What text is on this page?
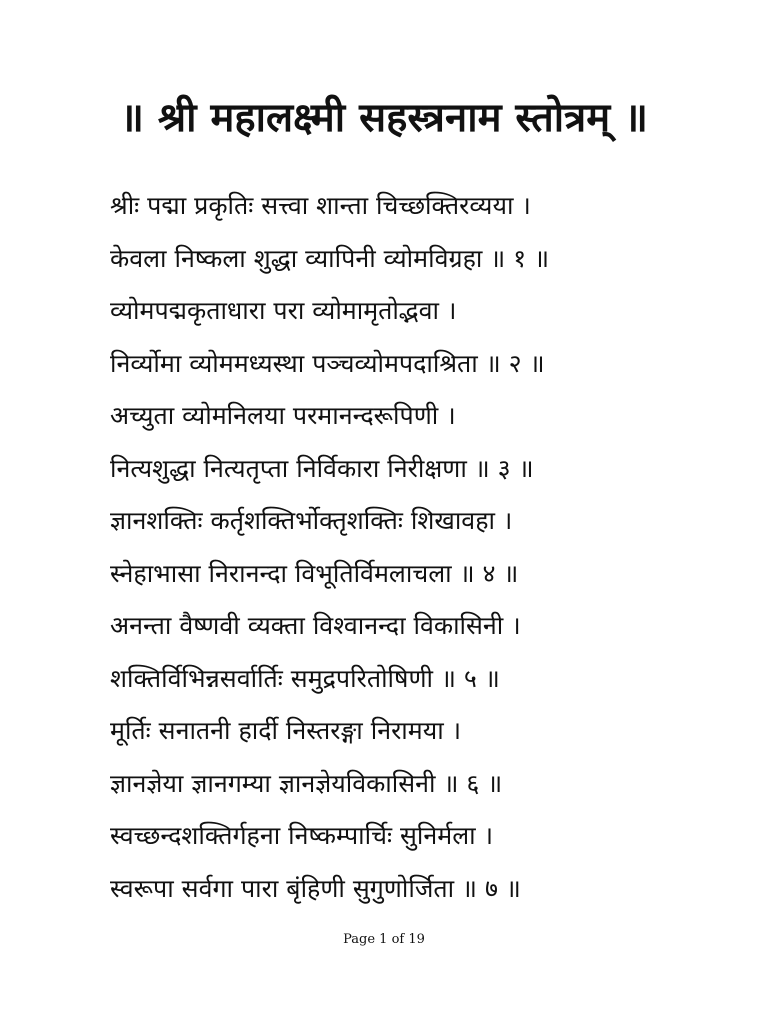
॥ श्री महालक्ष्मी सहस्त्रनाम स्तोत्रम् ॥
श्रीः पद्मा प्रकृतिः सत्त्वा शान्ता चिच्छक्तिरव्यया ।
केवला निष्कला शुद्धा व्यापिनी व्योमविग्रहा ॥ १ ॥
व्योमपद्मकृताधारा परा व्योमामृतोद्भवा ।
निर्व्योमा व्योममध्यस्था पञ्चव्योमपदाश्रिता ॥ २ ॥
अच्युता व्योमनिलया परमानन्दरूपिणी ।
नित्यशुद्धा नित्यतृप्ता निर्विकारा निरीक्षणा ॥ ३ ॥
ज्ञानशक्तिः कर्तृशक्तिर्भोक्तृशक्तिः शिखावहा ।
स्नेहाभासा निरानन्दा विभूतिर्विमलाचला ॥ ४ ॥
अनन्ता वैष्णवी व्यक्ता विश्वानन्दा विकासिनी ।
शक्तिर्विभिन्नसर्वार्तिः समुद्रपरितोषिणी ॥ ५ ॥
मूर्तिः सनातनी हार्दी निस्तरङ्गा निरामया ।
ज्ञानज्ञेया ज्ञानगम्या ज्ञानज्ञेयविकासिनी ॥ ६ ॥
स्वच्छन्दशक्तिर्गहना निष्कम्पार्चिः सुनिर्मला ।
स्वरूपा सर्वगा पारा बृंहिणी सुगुणोर्जिता ॥ ७ ॥
Page 1 of 19
